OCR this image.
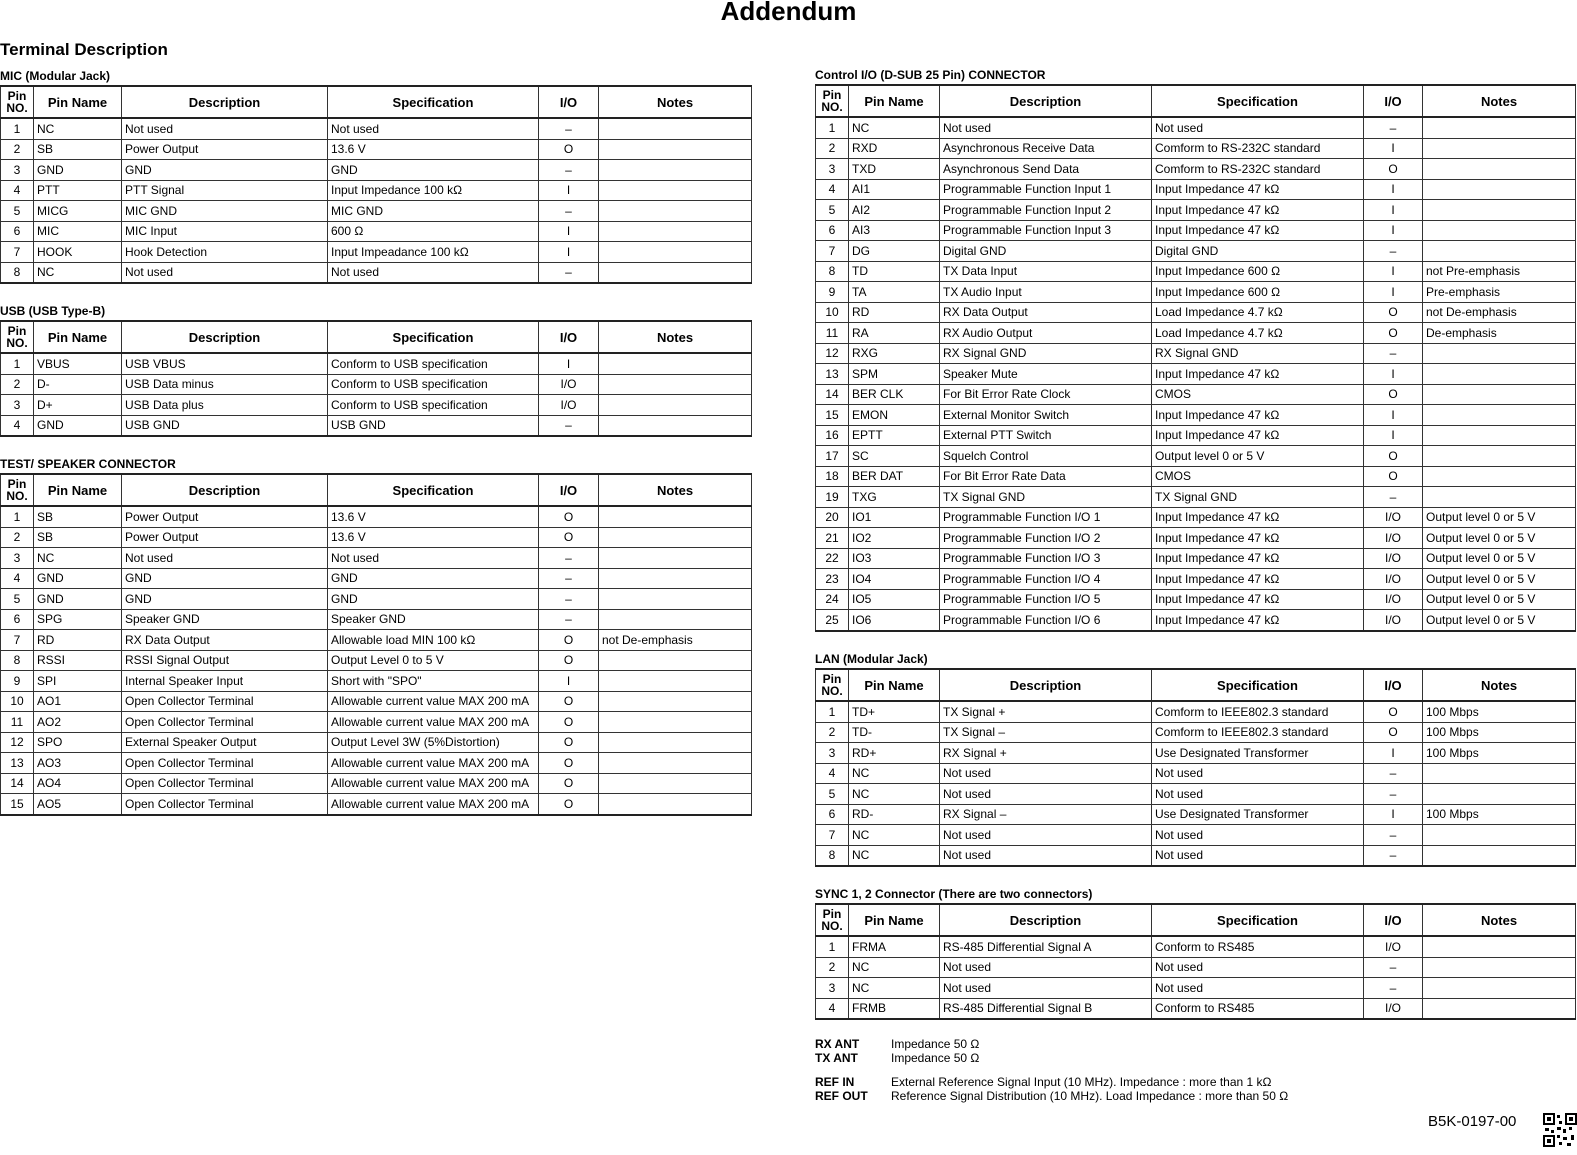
Addendum
Terminal Description
MIC (Modular Jack)
Pin
NO.	Pin Name	Description	Specification	I/O	Notes
1	NC	Not used	Not used	–	
2	SB	Power Output	13.6 V	O	
3	GND	GND	GND	–	
4	PTT	PTT Signal	Input Impedance 100 kΩ	I	
5	MICG	MIC GND	MIC GND	–	
6	MIC	MIC Input	600 Ω	I	
7	HOOK	Hook Detection	Input Impeadance 100 kΩ	I	
8	NC	Not used	Not used	–	
USB (USB Type-B)
Pin
NO.	Pin Name	Description	Specification	I/O	Notes
1	VBUS	USB VBUS	Conform to USB specification	I	
2	D-	USB Data minus	Conform to USB specification	I/O	
3	D+	USB Data plus	Conform to USB specification	I/O	
4	GND	USB GND	USB GND	–	
TEST/ SPEAKER CONNECTOR
Pin
NO.	Pin Name	Description	Specification	I/O	Notes
1	SB	Power Output	13.6 V	O	
2	SB	Power Output	13.6 V	O	
3	NC	Not used	Not used	–	
4	GND	GND	GND	–	
5	GND	GND	GND	–	
6	SPG	Speaker GND	Speaker GND	–	
7	RD	RX Data Output	Allowable load MIN 100 kΩ	O	not De-emphasis
8	RSSI	RSSI Signal Output	Output Level 0 to 5 V	O	
9	SPI	Internal Speaker Input	Short with "SPO"	I	
10	AO1	Open Collector Terminal	Allowable current value MAX 200 mA	O	
11	AO2	Open Collector Terminal	Allowable current value MAX 200 mA	O	
12	SPO	External Speaker Output	Output Level 3W (5%Distortion)	O	
13	AO3	Open Collector Terminal	Allowable current value MAX 200 mA	O	
14	AO4	Open Collector Terminal	Allowable current value MAX 200 mA	O	
15	AO5	Open Collector Terminal	Allowable current value MAX 200 mA	O	
Control I/O (D-SUB 25 Pin) CONNECTOR
Pin
NO.	Pin Name	Description	Specification	I/O	Notes
1	NC	Not used	Not used	–	
2	RXD	Asynchronous Receive Data	Comform to RS-232C standard	I	
3	TXD	Asynchronous Send Data	Comform to RS-232C standard	O	
4	AI1	Programmable Function Input 1	Input Impedance 47 kΩ	I	
5	AI2	Programmable Function Input 2	Input Impedance 47 kΩ	I	
6	AI3	Programmable Function Input 3	Input Impedance 47 kΩ	I	
7	DG	Digital GND	Digital GND	–	
8	TD	TX Data Input	Input Impedance 600 Ω	I	not Pre-emphasis
9	TA	TX Audio Input	Input Impedance 600 Ω	I	Pre-emphasis
10	RD	RX Data Output	Load Impedance 4.7 kΩ	O	not De-emphasis
11	RA	RX Audio Output	Load Impedance 4.7 kΩ	O	De-emphasis
12	RXG	RX Signal GND	RX Signal GND	–	
13	SPM	Speaker Mute	Input Impedance 47 kΩ	I	
14	BER CLK	For Bit Error Rate Clock	CMOS	O	
15	EMON	External Monitor Switch	Input Impedance 47 kΩ	I	
16	EPTT	External PTT Switch	Input Impedance 47 kΩ	I	
17	SC	Squelch Control	Output level 0 or 5 V	O	
18	BER DAT	For Bit Error Rate Data	CMOS	O	
19	TXG	TX Signal GND	TX Signal GND	–	
20	IO1	Programmable Function I/O 1	Input Impedance 47 kΩ	I/O	Output level 0 or 5 V
21	IO2	Programmable Function I/O 2	Input Impedance 47 kΩ	I/O	Output level 0 or 5 V
22	IO3	Programmable Function I/O 3	Input Impedance 47 kΩ	I/O	Output level 0 or 5 V
23	IO4	Programmable Function I/O 4	Input Impedance 47 kΩ	I/O	Output level 0 or 5 V
24	IO5	Programmable Function I/O 5	Input Impedance 47 kΩ	I/O	Output level 0 or 5 V
25	IO6	Programmable Function I/O 6	Input Impedance 47 kΩ	I/O	Output level 0 or 5 V
LAN (Modular Jack)
Pin
NO.	Pin Name	Description	Specification	I/O	Notes
1	TD+	TX Signal +	Comform to IEEE802.3 standard	O	100 Mbps
2	TD-	TX Signal –	Comform to IEEE802.3 standard	O	100 Mbps
3	RD+	RX Signal +	Use Designated Transformer	I	100 Mbps
4	NC	Not used	Not used	–	
5	NC	Not used	Not used	–	
6	RD-	RX Signal –	Use Designated Transformer	I	100 Mbps
7	NC	Not used	Not used	–	
8	NC	Not used	Not used	–	
SYNC 1, 2 Connector (There are two connectors)
Pin
NO.	Pin Name	Description	Specification	I/O	Notes
1	FRMA	RS-485 Differential Signal A	Conform to RS485	I/O	
2	NC	Not used	Not used	–	
3	NC	Not used	Not used	–	
4	FRMB	RS-485 Differential Signal B	Conform to RS485	I/O	
RX ANT	Impedance 50 Ω
TX ANT	Impedance 50 Ω
REF IN	External Reference Signal Input (10 MHz). Impedance : more than 1 kΩ
REF OUT	Reference Signal Distribution (10 MHz). Load Impedance : more than 50 Ω
B5K-0197-00
